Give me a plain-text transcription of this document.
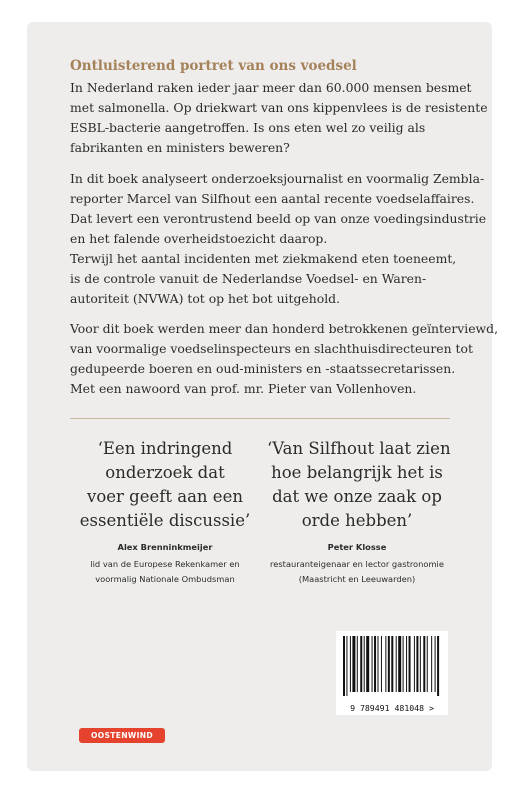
Ontluisterend portret van ons voedsel
In Nederland raken ieder jaar meer dan 60.000 mensen besmet
met salmonella. Op driekwart van ons kippenvlees is de resistente
ESBL-bacterie aangetroffen. Is ons eten wel zo veilig als
fabrikanten en ministers beweren?
In dit boek analyseert onderzoeksjournalist en voormalig Zembla-
reporter Marcel van Silfhout een aantal recente voedselaffaires.
Dat levert een verontrustend beeld op van onze voedingsindustrie
en het falende overheidstoezicht daarop.
Terwijl het aantal incidenten met ziekmakend eten toeneemt,
is de controle vanuit de Nederlandse Voedsel- en Waren-
autoriteit (NVWA) tot op het bot uitgehold.
Voor dit boek werden meer dan honderd betrokkenen geïnterviewd,
van voormalige voedselinspecteurs en slachthuisdirecteuren tot
gedupeerde boeren en oud-ministers en -staatssecretarissen.
Met een nawoord van prof. mr. Pieter van Vollenhoven.
‘Een indringend
onderzoek dat
voer geeft aan een
essentiële discussie’
‘Van Silfhout laat zien
hoe belangrijk het is
dat we onze zaak op
orde hebben’
Alex Brenninkmeijer
lid van de Europese Rekenkamer en
voormalig Nationale Ombudsman
Peter Klosse
restauranteigenaar en lector gastronomie
(Maastricht en Leeuwarden)
9 789491 481048 >
OOSTENWIND
